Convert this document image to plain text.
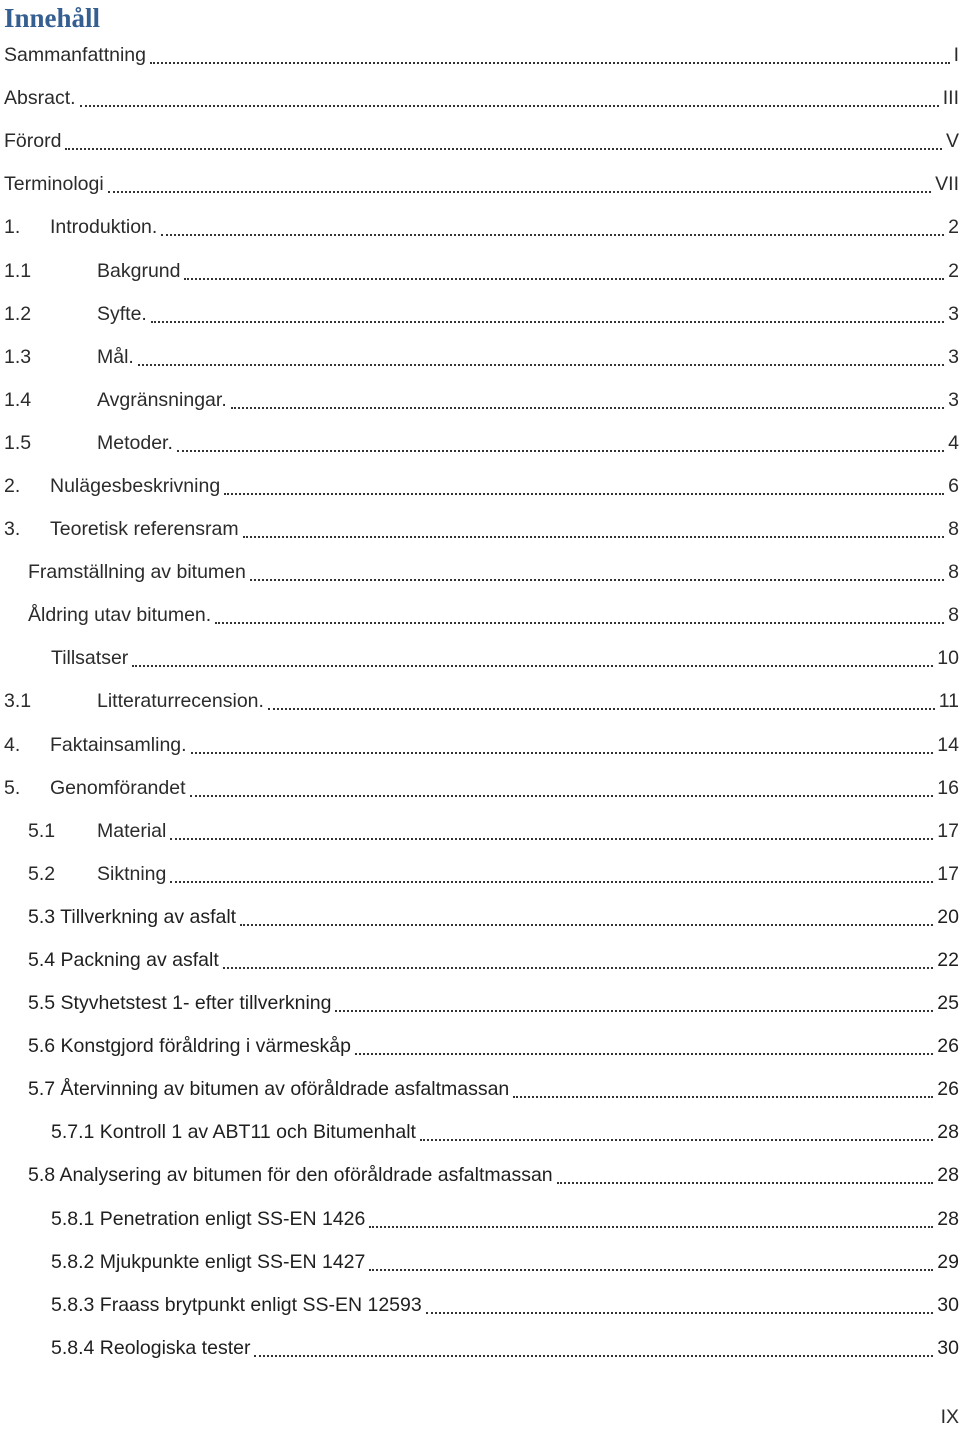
Innehåll
Sammanfattning	I
Absract.	III
Förord	V
Terminologi	VII
1.	Introduktion.	2
1.1	Bakgrund	2
1.2	Syfte.	3
1.3	Mål.	3
1.4	Avgränsningar.	3
1.5	Metoder.	4
2.	Nulägesbeskrivning	6
3.	Teoretisk referensram	8
Framställning av bitumen	8
Åldring utav bitumen.	8
Tillsatser	10
3.1	Litteraturrecension.	11
4.	Faktainsamling.	14
5.	Genomförandet	16
5.1	Material	17
5.2	Siktning	17
5.3 Tillverkning av asfalt	20
5.4 Packning av asfalt	22
5.5 Styvhetstest 1- efter tillverkning	25
5.6 Konstgjord föråldring i värmeskåp	26
5.7 Återvinning av bitumen av oföråldrade asfaltmassan	26
5.7.1 Kontroll 1 av ABT11 och Bitumenhalt	28
5.8 Analysering av bitumen för den oföråldrade asfaltmassan	28
5.8.1 Penetration enligt SS-EN 1426	28
5.8.2 Mjukpunkte enligt SS-EN 1427	29
5.8.3 Fraass brytpunkt enligt SS-EN 12593	30
5.8.4 Reologiska tester	30
IX
